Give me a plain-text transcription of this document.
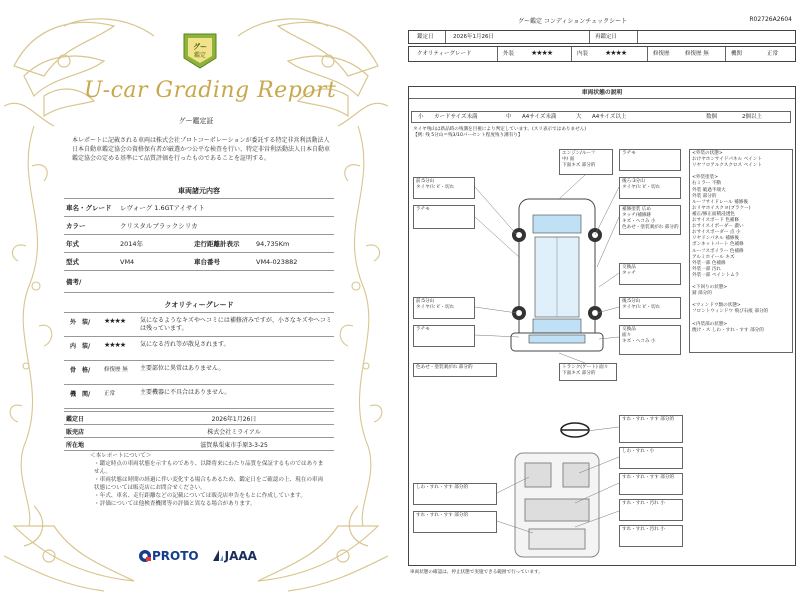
グー
鑑定
U-car Grading Report
グー鑑定証
本レポートに記載される車両は株式会社プロトコーポレーションが委託する特定非営利活動法人日本自動車鑑定協会の資格保有者が厳選かつ公平な検査を行い、特定非営利活動法人日本自動車鑑定協会の定める基準にて品質評価を行ったものであることを証明する。
車両諸元内容
車名・グレード	レヴォーグ 1.6GTアイサイト
カラー	クリスタルブラックシリカ
年式	2014年	走行距離計表示	94,735Km
型式	VM4	車台番号	VM4-023882
備考/
クオリティーグレード
外　装/	★★★★	気になるようなキズやヘコミには補修済みですが、小さなキズやヘコミは残っています。
内　装/	★★★★	気になる汚れ等が散見されます。
骨　格/	修復歴 無	主要部位に異常はありません。
機　関/	正常	主要機器に不具合はありません。
鑑定日	2026年1月26日
販売店	株式会社ミライアル
所在地	滋賀県栗東市手原3-3-25
＜本レポートについて＞
・鑑定時点の車両状態を示すものであり、以降将来にわたり品質を保証するものではありません。
・車両状態は時間の経過に伴い変化する場合もあるため、鑑定日をご確認の上、現在の車両状態については販売店にお問合せください。
・年式、車名、走行距離などの記載については販売店申告をもとに作成しています。
・評価については他検査機関等の評価と異なる場合があります。
PROTO JAAA
グー鑑定 コンディションチェックシート	R02726A2604
鑑定日	2026年1月26日	再鑑定日
クオリティーグレード	外装 ★★★★	内装 ★★★★	修復歴	修復歴 無	機関	正常
車両状態の説明
小 カードサイズ未満	中 A4サイズ未満	大 A4サイズ以上	数個	2個以上
タイヤ残山は新品時の残溝を目視により判定しています。(スリ表示ではありません)
【例: 残 5分山＝残3/10パーセント程度残り溝有り】
エンジン/ルーフ
中/ 面 　　
下面キズ 部分的
前:5分山
タイヤ/ヒビ・切れ
後ろ:3分山
タイヤ/ヒビ・切れ
ラチモ
補修塗装 広め
タッチ/補修跡
キズ・ヘコみ 小
色あせ・塗装剥がれ 部分的
ラチモ
交換品
タッチ
前:5分山
タイヤ/ヒビ・切れ
後:5分山
タイヤ/ヒビ・切れ
ラチモ	交換品
面々
キズ・ヘコみ 小
色あせ・塗装剥がれ 部分的	トランク(ゲート) 面々
下面キズ 部分的
すれ・すれ・すす 部分的
しわ・すれ・小
すれ・すれ・すす 部分的
すれ・すれ・汚れ 小
すれ・すれ・汚れ 小
しわ・すれ・すす 部分的
すれ・すれ・すす 部分的
<外装の状態>
おけヤホンサイドパネル ペイント
リヤフロアルクスクロス ペイント

<外装塗装>
右ミラー 不動
外装 破過半端大
外装 部分的
ルーフサイドレール 補修後
おリヤホイスクヨ(ブラケー)
補正/修正面積浸透色
おサイスボード 色補修
おサイスイボーダー 濃い
おサイスボーダー 点 小
リヤドンパネル 補修後
ボンネットパート 色補修
ルーフスボイラー 色補修
アルミホイール キズ
外装一部 色補修
外装一部 汚れ
外装一部 ペイントムラ

<下回りの状態>
錆 部分的

<ウィンドウ類の状態>
フロントウィンドウ 飛び石痕 部分的

<内装部の状態>
焼け・ス しわ・すれ・すす 部分的
車両状態の確認は、停止状態で実施できる範囲で行っています。
